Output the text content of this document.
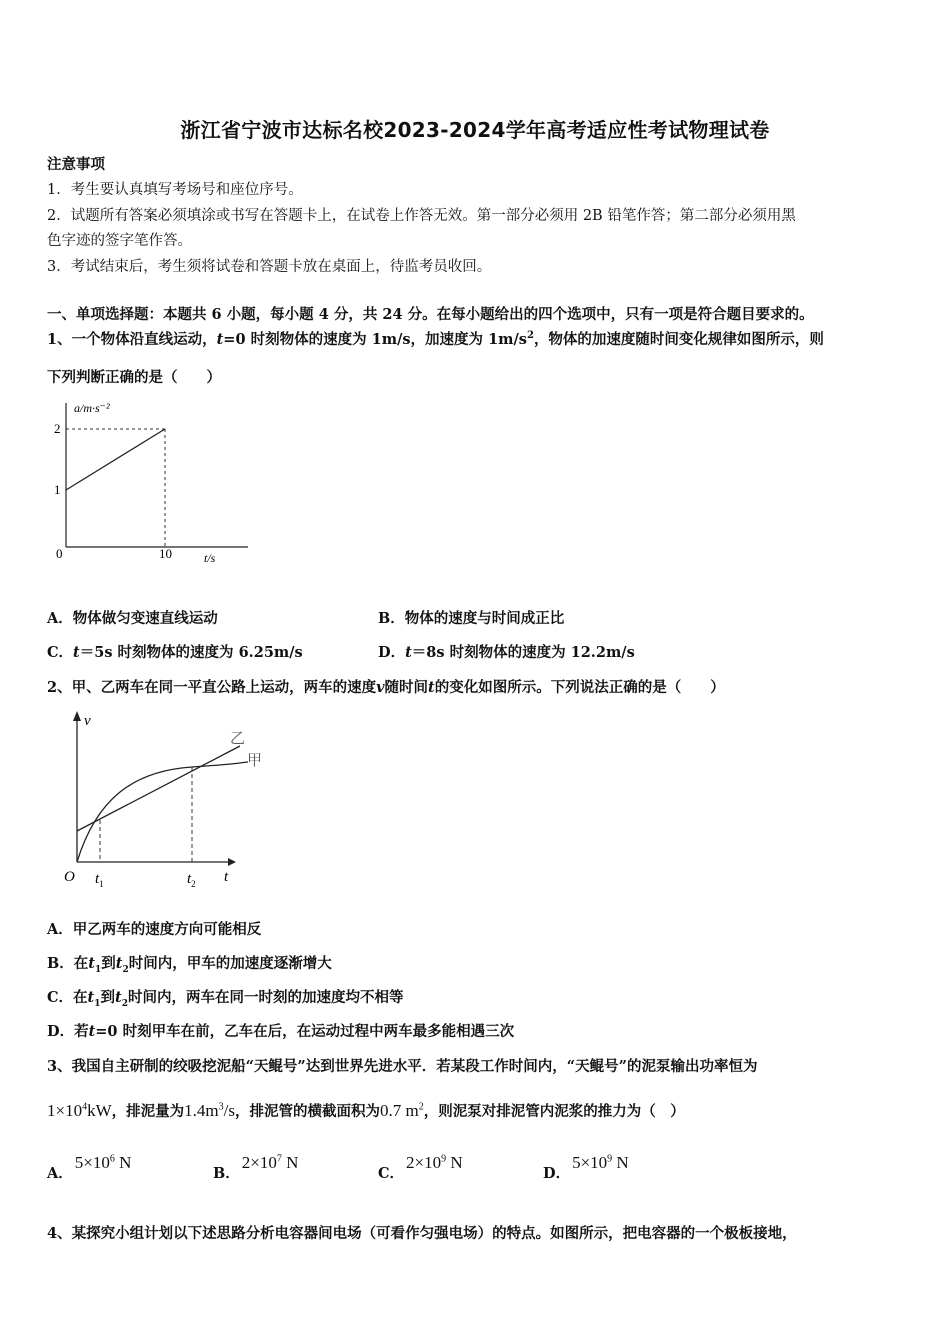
浙江省宁波市达标名校2023-2024学年高考适应性考试物理试卷
注意事项
1．考生要认真填写考场号和座位序号。
2．试题所有答案必须填涂或书写在答题卡上，在试卷上作答无效。第一部分必须用 2B 铅笔作答；第二部分必须用黑
色字迹的签字笔作答。
3．考试结束后，考生须将试卷和答题卡放在桌面上，待监考员收回。
一、单项选择题：本题共 6 小题，每小题 4 分，共 24 分。在每小题给出的四个选项中，只有一项是符合题目要求的。
1、一个物体沿直线运动，t=0 时刻物体的速度为 1m/s，加速度为 $1m/s^2$，物体的加速度随时间变化规律如图所示，则
下列判断正确的是（　　）
a/m·s⁻²
2
1
0	10	t/s
A．物体做匀变速直线运动	B．物体的速度与时间成正比
C．t＝5s 时刻物体的速度为 6.25m/s	D．t＝8s 时刻物体的速度为 12.2m/s
2、甲、乙两车在同一平直公路上运动，两车的速度v随时间t的变化如图所示。下列说法正确的是（　　）
v
O $t_1$	$t_2$ t
乙
甲
A．甲乙两车的速度方向可能相反
B．在$t_1$到$t_2$时间内，甲车的加速度逐渐增大
C．在$t_1$到$t_2$时间内，两车在同一时刻的加速度均不相等
D．若t=0 时刻甲车在前，乙车在后，在运动过程中两车最多能相遇三次
3、我国自主研制的绞吸挖泥船“天鲲号”达到世界先进水平．若某段工作时间内，“天鲲号”的泥泵输出功率恒为
$1\times 10^4kW$，排泥量为$1.4m^3/s$，排泥管的横截面积为0.7 $m^2$，则泥泵对排泥管内泥浆的推力为（　）
A．$5\times 10^6$ N
B．$2\times 10^7$ N
C．$2\times 10^9$ N
D．$5\times 10^9$ N
4、某探究小组计划以下述思路分析电容器间电场（可看作匀强电场）的特点。如图所示，把电容器的一个极板接地，
